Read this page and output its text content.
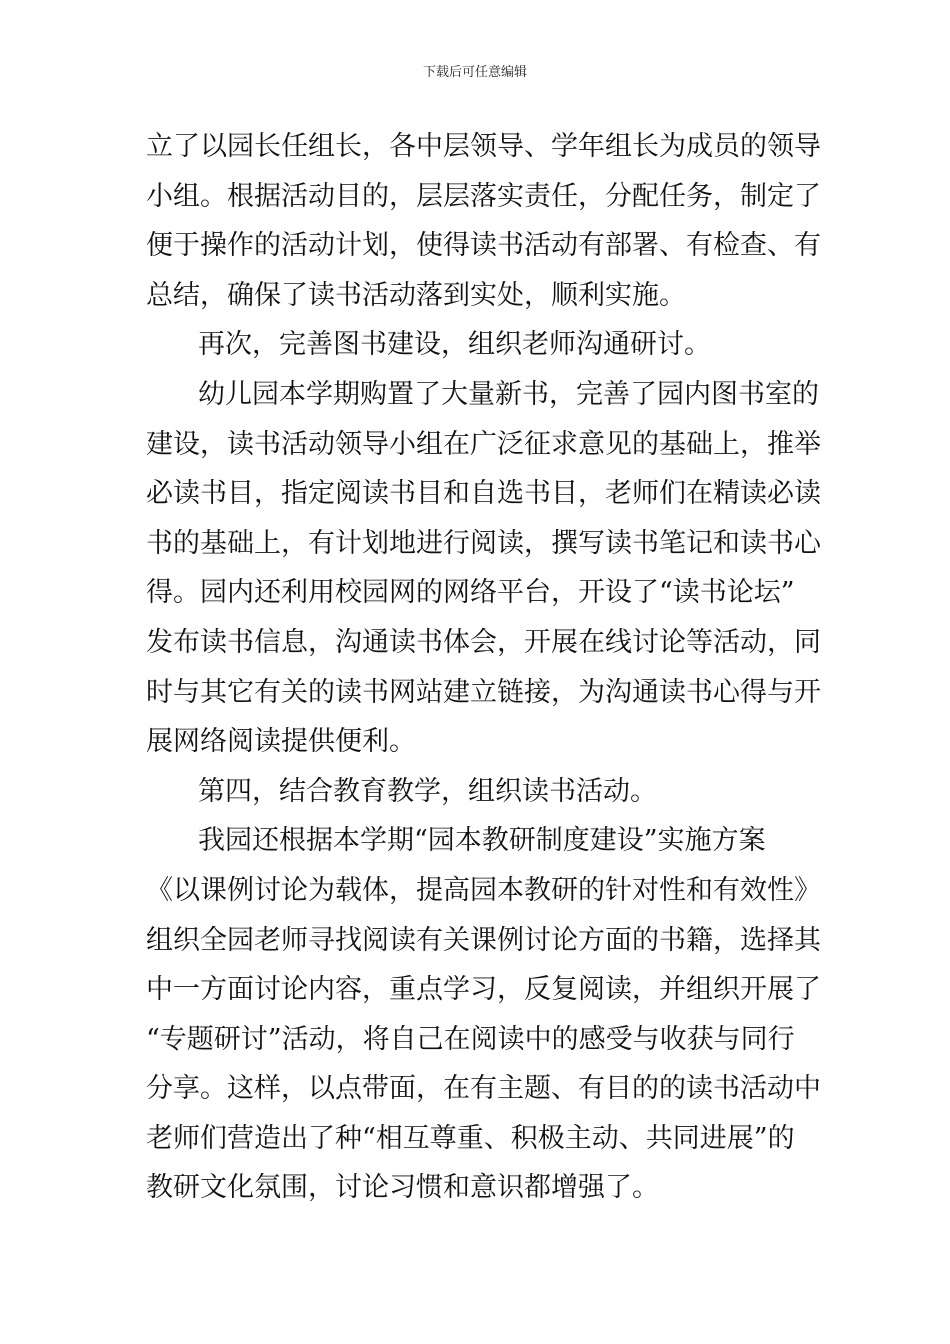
下载后可任意编辑
立了以园长任组长，各中层领导、学年组长为成员的领导
小组。根据活动目的，层层落实责任，分配任务，制定了
便于操作的活动计划，使得读书活动有部署、有检查、有
总结，确保了读书活动落到实处，顺利实施。
再次，完善图书建设，组织老师沟通研讨。
幼儿园本学期购置了大量新书，完善了园内图书室的
建设，读书活动领导小组在广泛征求意见的基础上，推举
必读书目，指定阅读书目和自选书目，老师们在精读必读
书的基础上，有计划地进行阅读，撰写读书笔记和读书心
得。园内还利用校园网的网络平台，开设了“读书论坛”
发布读书信息，沟通读书体会，开展在线讨论等活动，同
时与其它有关的读书网站建立链接，为沟通读书心得与开
展网络阅读提供便利。
第四，结合教育教学，组织读书活动。
我园还根据本学期“园本教研制度建设”实施方案
《以课例讨论为载体，提高园本教研的针对性和有效性》
组织全园老师寻找阅读有关课例讨论方面的书籍，选择其
中一方面讨论内容，重点学习，反复阅读，并组织开展了
“专题研讨”活动，将自己在阅读中的感受与收获与同行
分享。这样，以点带面，在有主题、有目的的读书活动中
老师们营造出了种“相互尊重、积极主动、共同进展”的
教研文化氛围，讨论习惯和意识都增强了。
